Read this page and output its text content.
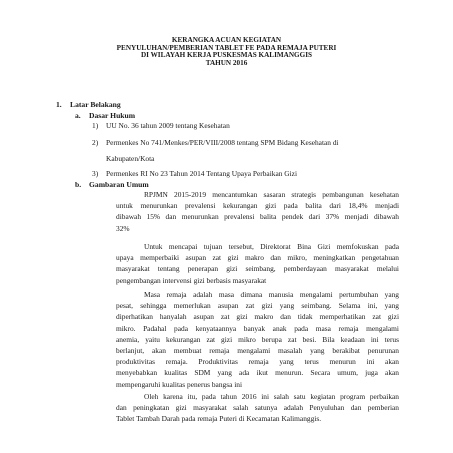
KERANGKA ACUAN KEGIATAN
PENYULUHAN/PEMBERIAN TABLET FE PADA REMAJA PUTERI
DI WILAYAH KERJA PUSKESMAS KALIMANGGIS
TAHUN 2016
1. Latar Belakang
a. Dasar Hukum
1) UU No. 36 tahun 2009 tentang Kesehatan
2) Permenkes No 741/Menkes/PER/VIII/2008 tentang SPM Bidang Kesehatan di
Kabupaten/Kota
3) Permenkes RI No 23 Tahun 2014 Tentang Upaya Perbaikan Gizi
b. Gambaran Umum
RPJMN 2015-2019 mencantumkan sasaran strategis pembangunan kesehatan
untuk menurunkan prevalensi kekurangan gizi pada balita dari 18,4% menjadi
dibawah 15% dan menurunkan prevalensi balita pendek dari 37% menjadi dibawah
32%
Untuk mencapai tujuan tersebut, Direktorat Bina Gizi memfokuskan pada
upaya memperbaiki asupan zat gizi makro dan mikro, meningkatkan pengetahuan
masyarakat tentang penerapan gizi seimbang, pemberdayaan masyarakat melalui
pengembangan intervensi gizi berbasis masyarakat
Masa remaja adalah masa dimana manusia mengalami pertumbuhan yang
pesat, sehingga memerlukan asupan zat gizi yang seimbang. Selama ini, yang
diperhatikan hanyalah asupan zat gizi makro dan tidak memperhatikan zat gizi
mikro. Padahal pada kenyataannya banyak anak pada masa remaja mengalami
anemia, yaitu kekurangan zat gizi mikro berupa zat besi. Bila keadaan ini terus
berlanjut, akan membuat remaja mengalami masalah yang berakibat penurunan
produktivitas remaja. Produktivitas remaja yang terus menurun ini akan
menyebabkan kualitas SDM yang ada ikut menurun. Secara umum, juga akan
mempengaruhi kualitas penerus bangsa ini
Oleh karena itu, pada tahun 2016 ini salah satu kegiatan program perbaikan
dan peningkatan gizi masyarakat salah satunya adalah Penyuluhan dan pemberian
Tablet Tambah Darah pada remaja Puteri di Kecamatan Kalimanggis.
